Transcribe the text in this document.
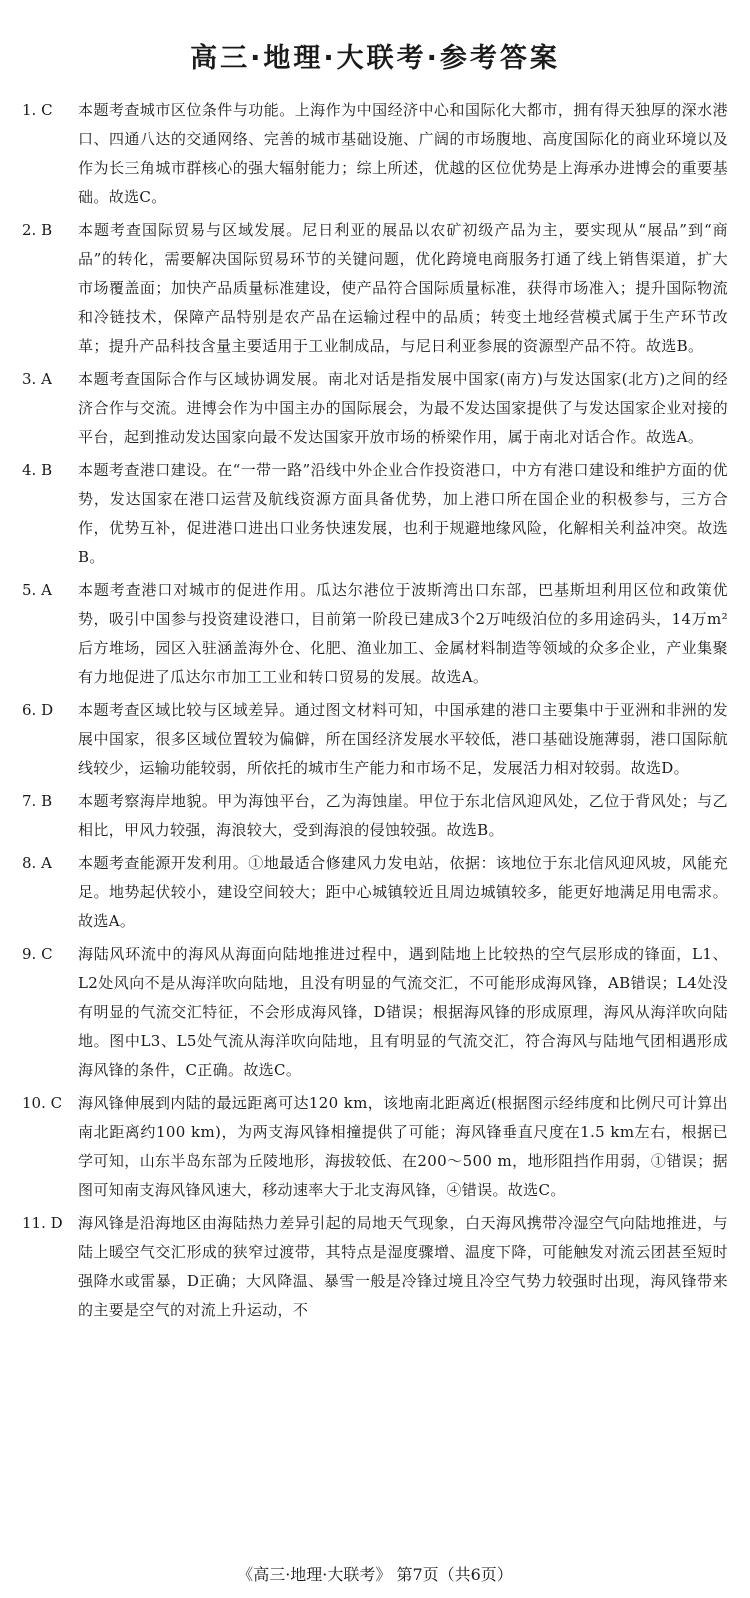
高三·地理·大联考·参考答案
1. C	本题考查城市区位条件与功能。上海作为中国经济中心和国际化大都市，拥有得天独厚的深水港口、四通八达的交通网络、完善的城市基础设施、广阔的市场腹地、高度国际化的商业环境以及作为长三角城市群核心的强大辐射能力；综上所述，优越的区位优势是上海承办进博会的重要基础。故选C。
2. B	本题考查国际贸易与区域发展。尼日利亚的展品以农矿初级产品为主，要实现从“展品”到“商品”的转化，需要解决国际贸易环节的关键问题，优化跨境电商服务打通了线上销售渠道，扩大市场覆盖面；加快产品质量标准建设，使产品符合国际质量标准，获得市场准入；提升国际物流和冷链技术，保障产品特别是农产品在运输过程中的品质；转变土地经营模式属于生产环节改革；提升产品科技含量主要适用于工业制成品，与尼日利亚参展的资源型产品不符。故选B。
3. A	本题考查国际合作与区域协调发展。南北对话是指发展中国家(南方)与发达国家(北方)之间的经济合作与交流。进博会作为中国主办的国际展会，为最不发达国家提供了与发达国家企业对接的平台，起到推动发达国家向最不发达国家开放市场的桥梁作用，属于南北对话合作。故选A。
4. B	本题考查港口建设。在“一带一路”沿线中外企业合作投资港口，中方有港口建设和维护方面的优势，发达国家在港口运营及航线资源方面具备优势，加上港口所在国企业的积极参与，三方合作，优势互补，促进港口进出口业务快速发展，也利于规避地缘风险，化解相关利益冲突。故选B。
5. A	本题考查港口对城市的促进作用。瓜达尔港位于波斯湾出口东部，巴基斯坦利用区位和政策优势，吸引中国参与投资建设港口，目前第一阶段已建成3个2万吨级泊位的多用途码头，14万m² 后方堆场，园区入驻涵盖海外仓、化肥、渔业加工、金属材料制造等领域的众多企业，产业集聚有力地促进了瓜达尔市加工工业和转口贸易的发展。故选A。
6. D	本题考查区域比较与区域差异。通过图文材料可知，中国承建的港口主要集中于亚洲和非洲的发展中国家，很多区域位置较为偏僻，所在国经济发展水平较低，港口基础设施薄弱，港口国际航线较少，运输功能较弱，所依托的城市生产能力和市场不足，发展活力相对较弱。故选D。
7. B	本题考察海岸地貌。甲为海蚀平台，乙为海蚀崖。甲位于东北信风迎风处，乙位于背风处；与乙相比，甲风力较强，海浪较大，受到海浪的侵蚀较强。故选B。
8. A	本题考查能源开发利用。①地最适合修建风力发电站，依据：该地位于东北信风迎风坡，风能充足。地势起伏较小，建设空间较大；距中心城镇较近且周边城镇较多，能更好地满足用电需求。故选A。
9. C	海陆风环流中的海风从海面向陆地推进过程中，遇到陆地上比较热的空气层形成的锋面，L1、L2处风向不是从海洋吹向陆地，且没有明显的气流交汇，不可能形成海风锋，AB错误；L4处没有明显的气流交汇特征，不会形成海风锋，D错误；根据海风锋的形成原理，海风从海洋吹向陆地。图中L3、L5处气流从海洋吹向陆地，且有明显的气流交汇，符合海风与陆地气团相遇形成海风锋的条件，C正确。故选C。
10. C	海风锋伸展到内陆的最远距离可达120 km，该地南北距离近(根据图示经纬度和比例尺可计算出南北距离约100 km)，为两支海风锋相撞提供了可能；海风锋垂直尺度在1.5 km左右，根据已学可知，山东半岛东部为丘陵地形，海拔较低、在200～500 m，地形阻挡作用弱，①错误；据图可知南支海风锋风速大，移动速率大于北支海风锋，④错误。故选C。
11. D	海风锋是沿海地区由海陆热力差异引起的局地天气现象，白天海风携带冷湿空气向陆地推进，与陆上暖空气交汇形成的狭窄过渡带，其特点是湿度骤增、温度下降，可能触发对流云团甚至短时强降水或雷暴，D正确；大风降温、暴雪一般是冷锋过境且冷空气势力较强时出现，海风锋带来的主要是空气的对流上升运动，不
《高三·地理·大联考》 第7页（共6页）
